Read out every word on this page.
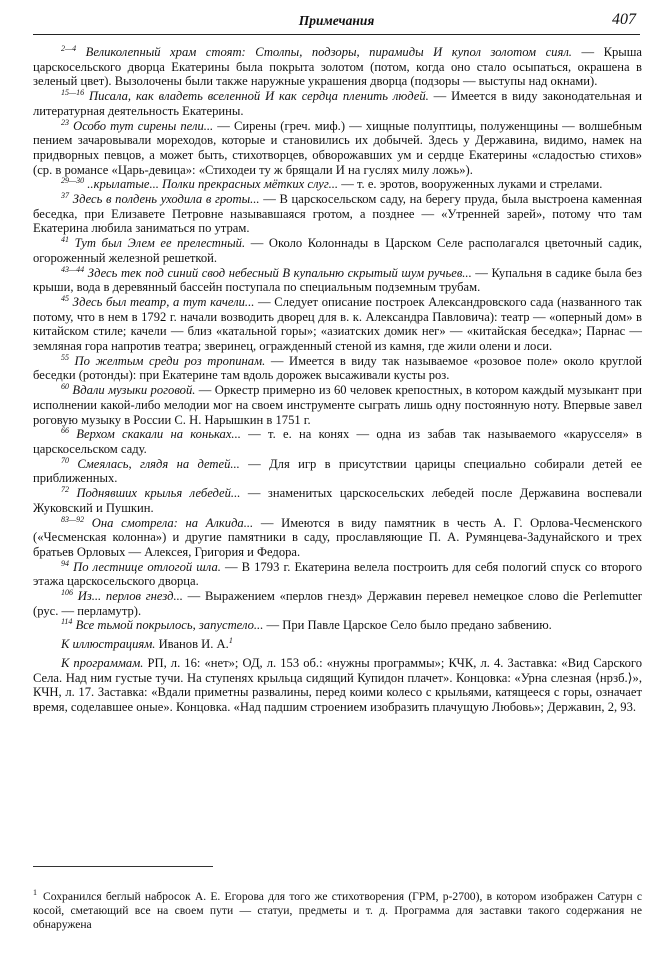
Примечания	407

$^{2—4}$ Великолепный храм стоят: Столпы, подзоры, пирамиды И купол золотом сиял. — Крыша царскосельского дворца Екатерины была покрыта золотом (потом, когда оно стало осыпаться, окрашена в зеленый цвет). Вызолочены были также наружные украшения дворца (подзоры — выступы над окнами).

$^{15—16}$ Писала, как владеть вселенной И как сердца пленить людей. — Имеется в виду законодательная и литературная деятельность Екатерины.

$^{23}$ Особо тут сирены пели... — Сирены (греч. миф.) — хищные полуптицы, полуженщины — волшебным пением зачаровывали мореходов, которые и становились их добычей. Здесь у Державина, видимо, намек на придворных певцов, а может быть, стихотворцев, обворожавших ум и сердце Екатерины «сладостью стихов» (ср. в романсе «Царь-девица»: «Стиходеи ту ж брящали И на гуслях милу ложь»).

$^{29—30}$ ..крылатые... Полки прекрасных мётких слуг... — т. е. эротов, вооруженных луками и стрелами.

$^{37}$ Здесь в полдень уходила в гроты... — В царскосельском саду, на берегу пруда, была выстроена каменная беседка, при Елизавете Петровне называвшаяся гротом, а позднее — «Утренней зарей», потому что там Екатерина любила заниматься по утрам.

$^{41}$ Тут был Элем ее прелестный. — Около Колоннады в Царском Селе располагался цветочный садик, огороженный железной решеткой.

$^{43—44}$ Здесь тек под синий свод небесный В купальню скрытый шум ручьев... — Купальня в садике была без крыши, вода в деревянный бассейн поступала по специальным подземным трубам.

$^{45}$ Здесь был театр, а тут качели... — Следует описание построек Александровского сада (названного так потому, что в нем в 1792 г. начали возводить дворец для в. к. Александра Павловича): театр — «оперный дом» в китайском стиле; качели — близ «катальной горы»; «азиатских домик нег» — «китайская беседка»; Парнас — земляная гора напротив театра; зверинец, огражденный стеной из камня, где жили олени и лоси.

$^{55}$ По желтым среди роз тропинам. — Имеется в виду так называемое «розовое поле» около круглой беседки (ротонды): при Екатерине там вдоль дорожек высаживали кусты роз.

$^{60}$ Вдали музыки роговой. — Оркестр примерно из 60 человек крепостных, в котором каждый музыкант при исполнении какой-либо мелодии мог на своем инструменте сыграть лишь одну постоянную ноту. Впервые завел роговую музыку в России С. Н. Нарышкин в 1751 г.

$^{66}$ Верхом скакали на коньках... — т. е. на конях — одна из забав так называемого «карусселя» в царскосельском саду.

$^{70}$ Смеялась, глядя на детей... — Для игр в присутствии царицы специально собирали детей ее приближенных.

$^{72}$ Поднявших крылья лебедей... — знаменитых царскосельских лебедей после Державина воспевали Жуковский и Пушкин.

$^{83—92}$ Она смотрела: на Алкида... — Имеются в виду памятник в честь А. Г. Орлова-Чесменского («Чесменская колонна») и другие памятники в саду, прославляющие П. А. Румянцева-Задунайского и трех братьев Орловых — Алексея, Григория и Федора.

$^{94}$ По лестнице отлогой шла. — В 1793 г. Екатерина велела построить для себя пологий спуск со второго этажа царскосельского дворца.

$^{106}$ Из... перлов гнезд... — Выражением «перлов гнезд» Державин перевел немецкое слово die Perlemutter (рус. — перламутр).

$^{114}$ Все тьмой покрылось, запустело... — При Павле Царское Село было предано забвению.

К иллюстрациям. Иванов И. А.$^1$

К программам. РП, л. 16: «нет»; ОД, л. 153 об.: «нужны программы»; КЧК, л. 4. Заставка: «Вид Сарского Села. Над ним густые тучи. На ступенях крыльца сидящий Купидон плачет». Концовка: «Урна слезная ⟨нрзб.⟩», КЧН, л. 17. Заставка: «Вдали приметны развалины, перед коими колесо с крыльями, катящееся с горы, означает время, соделавшее оные». Концовка. «Над падшим строением изобразить плачущую Любовь»; Державин, 2, 93.

$^1$ Сохранился беглый набросок А. Е. Егорова для того же стихотворения (ГРМ, р-2700), в котором изображен Сатурн с косой, сметающий все на своем пути — статуи, предметы и т. д. Программа для заставки такого содержания не обнаружена
